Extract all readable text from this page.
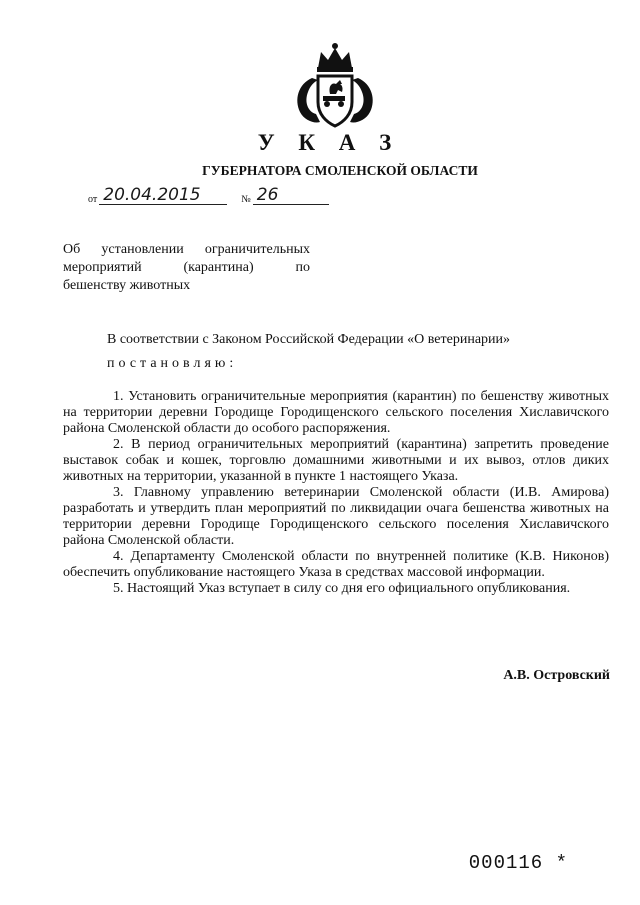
У К А З
ГУБЕРНАТОРА СМОЛЕНСКОЙ ОБЛАСТИ
от 20.04.2015	№ 26
Об установлении ограничительных
мероприятий	(карантина)	по
бешенству животных
В соответствии с Законом Российской Федерации «О ветеринарии»
постановляю:

1. Установить ограничительные мероприятия (карантин) по бешенству животных на территории деревни Городище Городищенского сельского поселения Хиславичского района Смоленской области до особого распоряжения.

2. В период ограничительных мероприятий (карантина) запретить проведение выставок собак и кошек, торговлю домашними животными и их вывоз, отлов диких животных на территории, указанной в пункте 1 настоящего Указа.

3. Главному управлению ветеринарии Смоленской области (И.В. Амирова) разработать и утвердить план мероприятий по ликвидации очага бешенства животных на территории деревни Городище Городищенского сельского поселения Хиславичского района Смоленской области.

4. Департаменту Смоленской области по внутренней политике (К.В. Никонов) обеспечить опубликование настоящего Указа в средствах массовой информации.

5. Настоящий Указ вступает в силу со дня его официального опубликования.

А.В. Островский
000116 *
